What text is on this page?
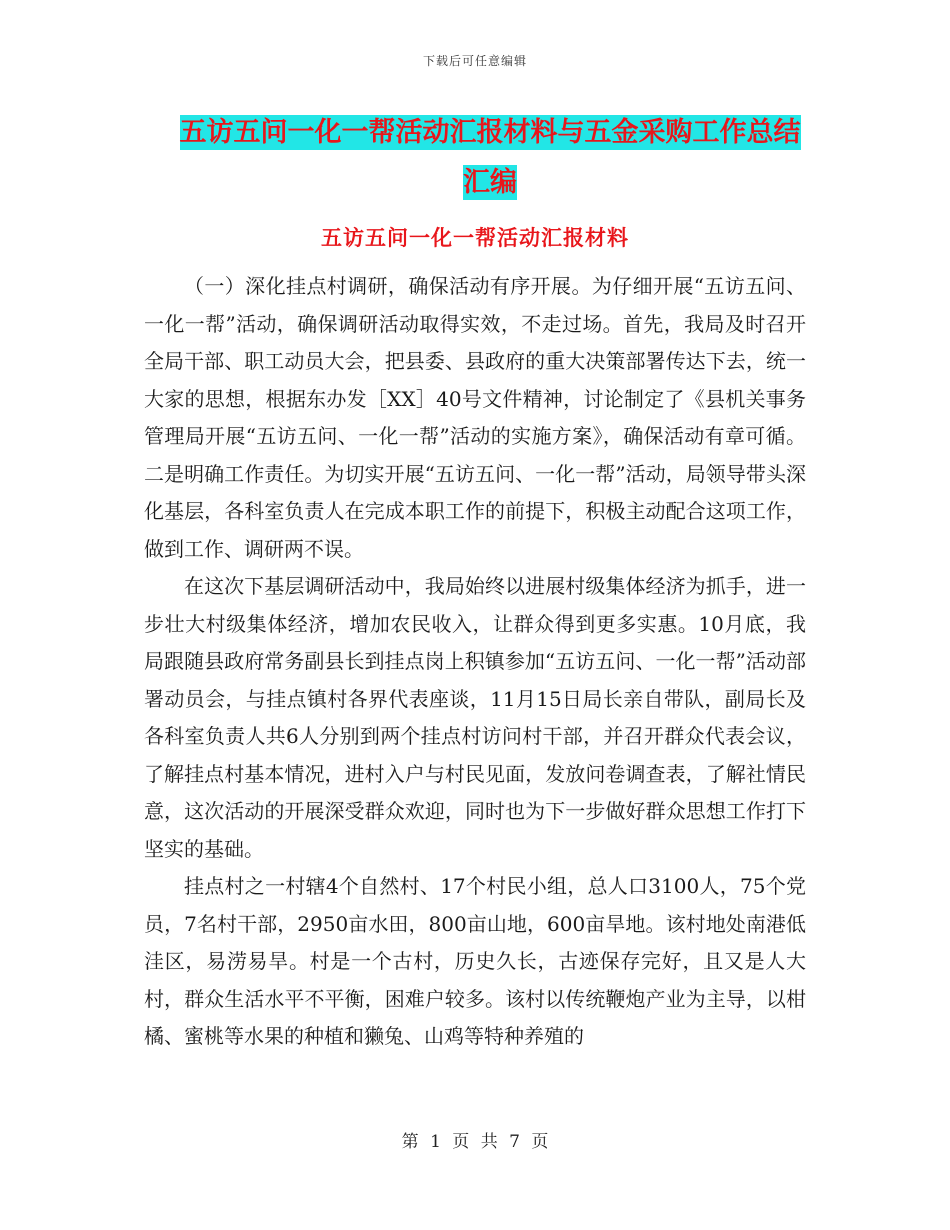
下载后可任意编辑
五访五问一化一帮活动汇报材料与五金采购工作总结
汇编
五访五问一化一帮活动汇报材料

（一）深化挂点村调研，确保活动有序开展。为仔细开展“五访五问、一化一帮”活动，确保调研活动取得实效，不走过场。首先，我局及时召开全局干部、职工动员大会，把县委、县政府的重大决策部署传达下去，统一大家的思想，根据东办发［XX］40号文件精神，讨论制定了《县机关事务管理局开展“五访五问、一化一帮”活动的实施方案》，确保活动有章可循。二是明确工作责任。为切实开展“五访五问、一化一帮”活动，局领导带头深化基层，各科室负责人在完成本职工作的前提下，积极主动配合这项工作，做到工作、调研两不误。

在这次下基层调研活动中，我局始终以进展村级集体经济为抓手，进一步壮大村级集体经济，增加农民收入，让群众得到更多实惠。10月底，我局跟随县政府常务副县长到挂点岗上积镇参加“五访五问、一化一帮”活动部署动员会，与挂点镇村各界代表座谈，11月15日局长亲自带队，副局长及各科室负责人共6人分别到两个挂点村访问村干部，并召开群众代表会议，了解挂点村基本情况，进村入户与村民见面，发放问卷调查表，了解社情民意，这次活动的开展深受群众欢迎，同时也为下一步做好群众思想工作打下坚实的基础。

挂点村之一村辖4个自然村、17个村民小组，总人口3100人，75个党员，7名村干部，2950亩水田，800亩山地，600亩旱地。该村地处南港低洼区，易涝易旱。村是一个古村，历史久长，古迹保存完好，且又是人大村，群众生活水平不平衡，困难户较多。该村以传统鞭炮产业为主导，以柑橘、蜜桃等水果的种植和獭兔、山鸡等特种养殖的

第 1 页 共 7 页
